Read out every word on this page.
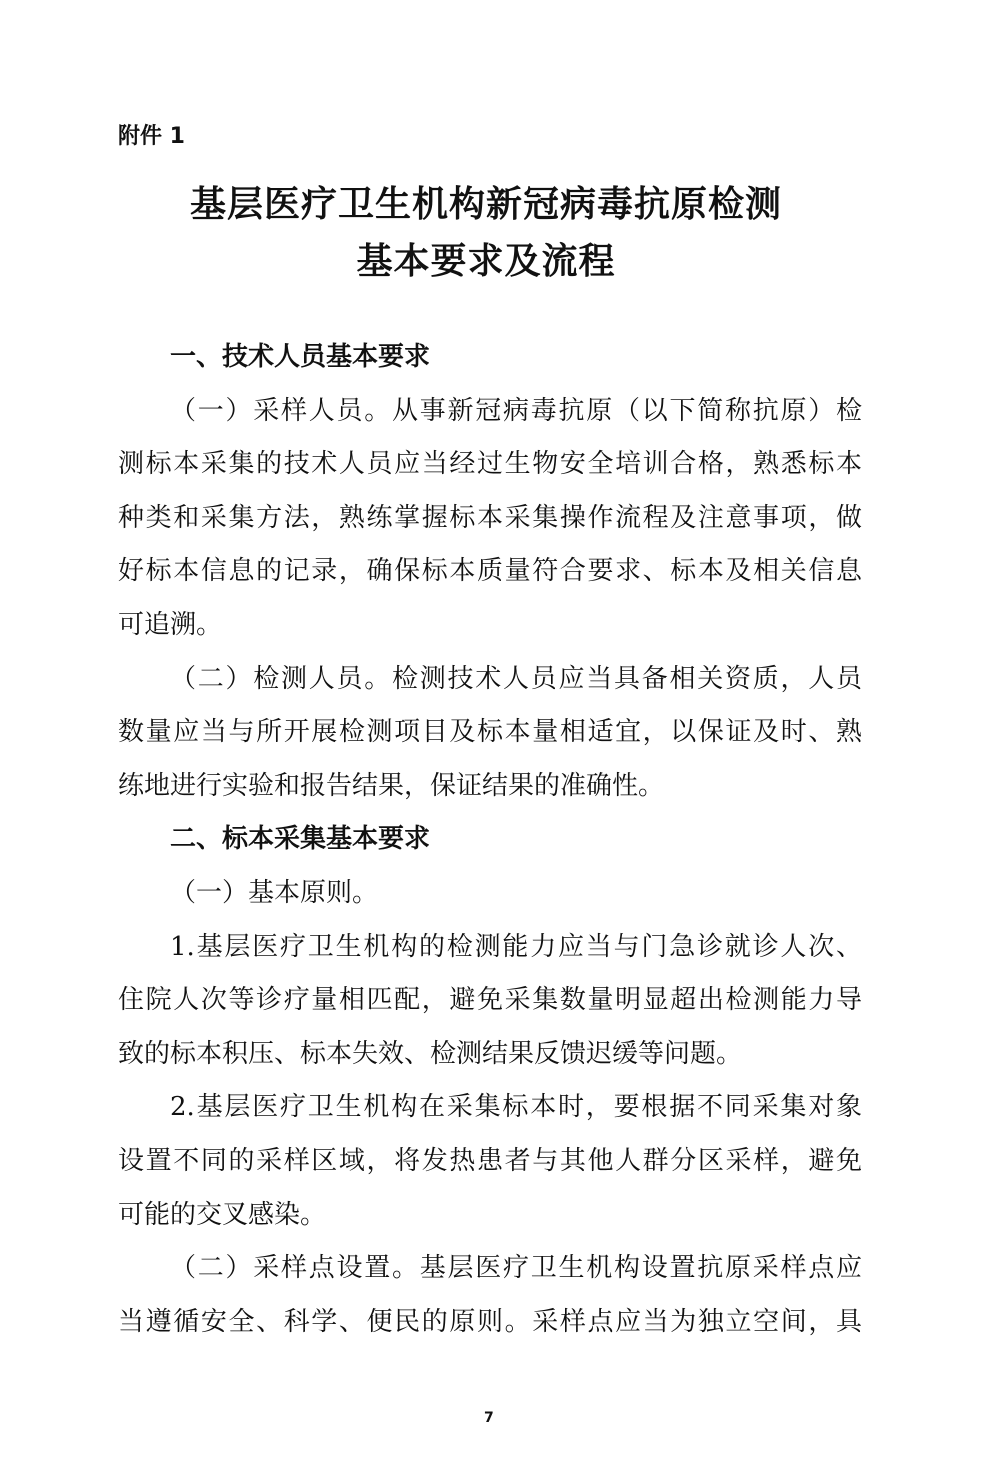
附件 1
基层医疗卫生机构新冠病毒抗原检测
基本要求及流程
一、技术人员基本要求
（一）采样人员。从事新冠病毒抗原（以下简称抗原）检
测标本采集的技术人员应当经过生物安全培训合格，熟悉标本
种类和采集方法，熟练掌握标本采集操作流程及注意事项，做
好标本信息的记录，确保标本质量符合要求、标本及相关信息
可追溯。
（二）检测人员。检测技术人员应当具备相关资质，人员
数量应当与所开展检测项目及标本量相适宜，以保证及时、熟
练地进行实验和报告结果，保证结果的准确性。
二、标本采集基本要求
（一）基本原则。
1.基层医疗卫生机构的检测能力应当与门急诊就诊人次、
住院人次等诊疗量相匹配，避免采集数量明显超出检测能力导
致的标本积压、标本失效、检测结果反馈迟缓等问题。
2.基层医疗卫生机构在采集标本时，要根据不同采集对象
设置不同的采样区域，将发热患者与其他人群分区采样，避免
可能的交叉感染。
（二）采样点设置。基层医疗卫生机构设置抗原采样点应
当遵循安全、科学、便民的原则。采样点应当为独立空间，具
7
